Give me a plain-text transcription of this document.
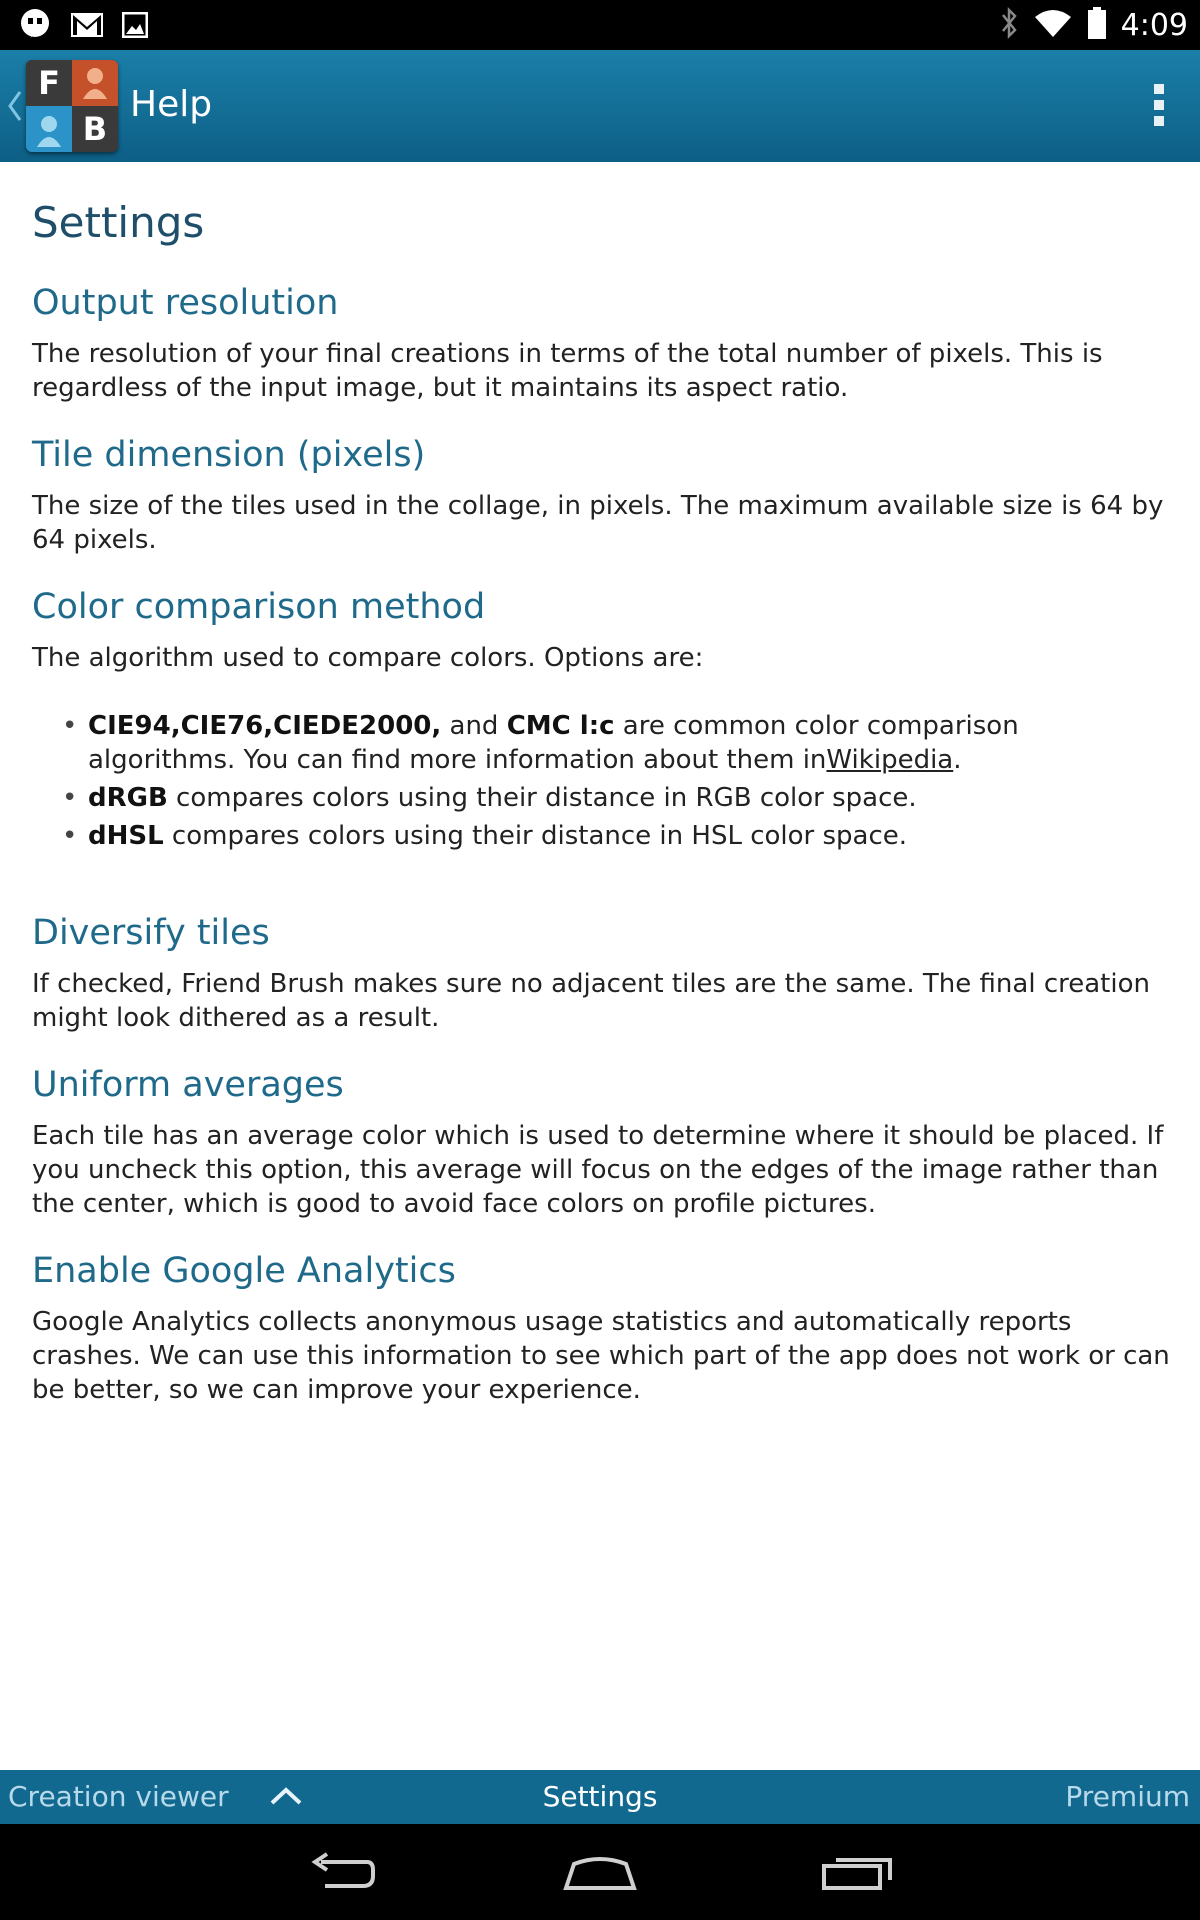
4:09
F
B
Help
Settings
Output resolution

The resolution of your final creations in terms of the total number of pixels. This is regardless of the input image, but it maintains its aspect ratio.

Tile dimension (pixels)

The size of the tiles used in the collage, in pixels. The maximum available size is 64 by 64 pixels.

Color comparison method

The algorithm used to compare colors. Options are:

• CIE94,CIE76,CIEDE2000, and CMC l:c are common color comparison algorithms. You can find more information about them inWikipedia.
• dRGB compares colors using their distance in RGB color space.
• dHSL compares colors using their distance in HSL color space.
Diversify tiles

If checked, Friend Brush makes sure no adjacent tiles are the same. The final creation might look dithered as a result.

Uniform averages

Each tile has an average color which is used to determine where it should be placed. If you uncheck this option, this average will focus on the edges of the image rather than the center, which is good to avoid face colors on profile pictures.

Enable Google Analytics

Google Analytics collects anonymous usage statistics and automatically reports crashes. We can use this information to see which part of the app does not work or can be better, so we can improve your experience.

Creation viewer	Settings	Premium
